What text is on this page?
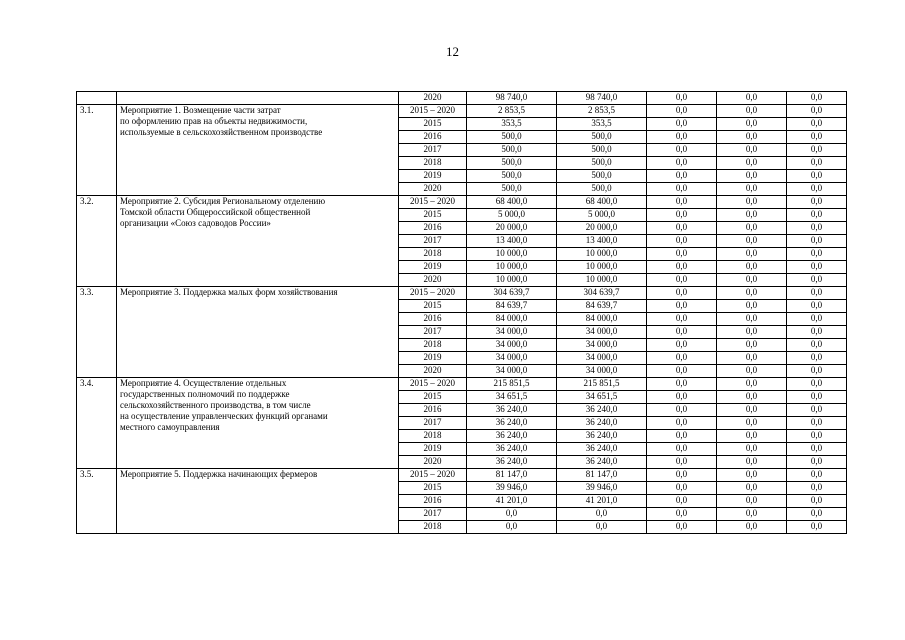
12
		2020	98 740,0	98 740,0	0,0	0,0	0,0
3.1.	Мероприятие 1. Возмещение части затрат
по оформлению прав на объекты недвижимости,
используемые в сельскохозяйственном производстве	2015 – 2020	2 853,5	2 853,5	0,0	0,0	0,0
		2015	353,5	353,5	0,0	0,0	0,0
		2016	500,0	500,0	0,0	0,0	0,0
		2017	500,0	500,0	0,0	0,0	0,0
		2018	500,0	500,0	0,0	0,0	0,0
		2019	500,0	500,0	0,0	0,0	0,0
		2020	500,0	500,0	0,0	0,0	0,0
3.2.	Мероприятие 2. Субсидия Региональному отделению
Томской области Общероссийской общественной
организации «Союз садоводов России»	2015 – 2020	68 400,0	68 400,0	0,0	0,0	0,0
		2015	5 000,0	5 000,0	0,0	0,0	0,0
		2016	20 000,0	20 000,0	0,0	0,0	0,0
		2017	13 400,0	13 400,0	0,0	0,0	0,0
		2018	10 000,0	10 000,0	0,0	0,0	0,0
		2019	10 000,0	10 000,0	0,0	0,0	0,0
		2020	10 000,0	10 000,0	0,0	0,0	0,0
3.3.	Мероприятие 3. Поддержка малых форм хозяйствования	2015 – 2020	304 639,7	304 639,7	0,0	0,0	0,0
		2015	84 639,7	84 639,7	0,0	0,0	0,0
		2016	84 000,0	84 000,0	0,0	0,0	0,0
		2017	34 000,0	34 000,0	0,0	0,0	0,0
		2018	34 000,0	34 000,0	0,0	0,0	0,0
		2019	34 000,0	34 000,0	0,0	0,0	0,0
		2020	34 000,0	34 000,0	0,0	0,0	0,0
3.4.	Мероприятие 4. Осуществление отдельных
государственных полномочий по поддержке
сельскохозяйственного производства, в том числе
на осуществление управленческих функций органами
местного самоуправления	2015 – 2020	215 851,5	215 851,5	0,0	0,0	0,0
		2015	34 651,5	34 651,5	0,0	0,0	0,0
		2016	36 240,0	36 240,0	0,0	0,0	0,0
		2017	36 240,0	36 240,0	0,0	0,0	0,0
		2018	36 240,0	36 240,0	0,0	0,0	0,0
		2019	36 240,0	36 240,0	0,0	0,0	0,0
		2020	36 240,0	36 240,0	0,0	0,0	0,0
3.5.	Мероприятие 5. Поддержка начинающих фермеров	2015 – 2020	81 147,0	81 147,0	0,0	0,0	0,0
		2015	39 946,0	39 946,0	0,0	0,0	0,0
		2016	41 201,0	41 201,0	0,0	0,0	0,0
		2017	0,0	0,0	0,0	0,0	0,0
		2018	0,0	0,0	0,0	0,0	0,0
